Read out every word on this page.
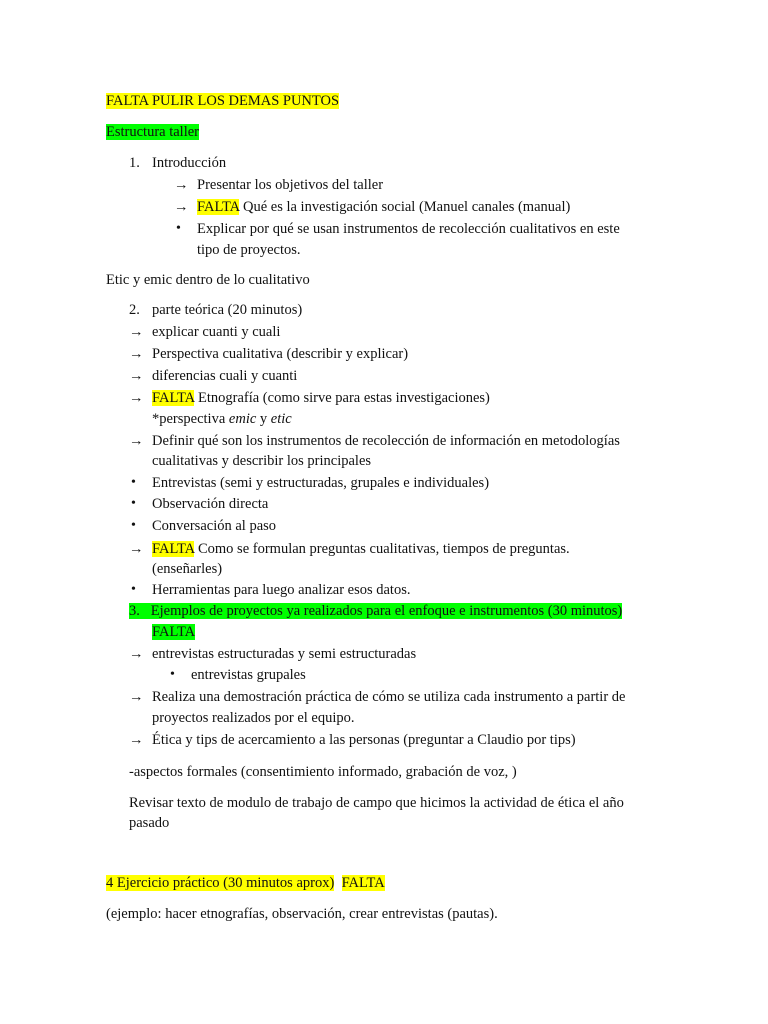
FALTA PULIR LOS DEMAS PUNTOS
Estructura taller
1. Introducción
→ Presentar los objetivos del taller
→ FALTA Qué es la investigación social (Manuel canales (manual)
• Explicar por qué se usan instrumentos de recolección cualitativos en este
tipo de proyectos.
Etic y emic dentro de lo cualitativo
2. parte teórica (20 minutos)
→ explicar cuanti y cuali
→ Perspectiva cualitativa (describir y explicar)
→ diferencias cuali y cuanti
→ FALTA Etnografía (como sirve para estas investigaciones)
*perspectiva emic y etic
→ Definir qué son los instrumentos de recolección de información en metodologías
cualitativas y describir los principales
• Entrevistas (semi y estructuradas, grupales e individuales)
• Observación directa
• Conversación al paso
→ FALTA Como se formulan preguntas cualitativas, tiempos de preguntas.
(enseñarles)
• Herramientas para luego analizar esos datos.
3. Ejemplos de proyectos ya realizados para el enfoque e instrumentos (30 minutos)
FALTA
→ entrevistas estructuradas y semi estructuradas
• entrevistas grupales
→ Realiza una demostración práctica de cómo se utiliza cada instrumento a partir de
proyectos realizados por el equipo.
→ Ética y tips de acercamiento a las personas (preguntar a Claudio por tips)
-aspectos formales (consentimiento informado, grabación de voz, )
Revisar texto de modulo de trabajo de campo que hicimos la actividad de ética el año
pasado
4 Ejercicio práctico (30 minutos aprox) FALTA
(ejemplo: hacer etnografías, observación, crear entrevistas (pautas).
